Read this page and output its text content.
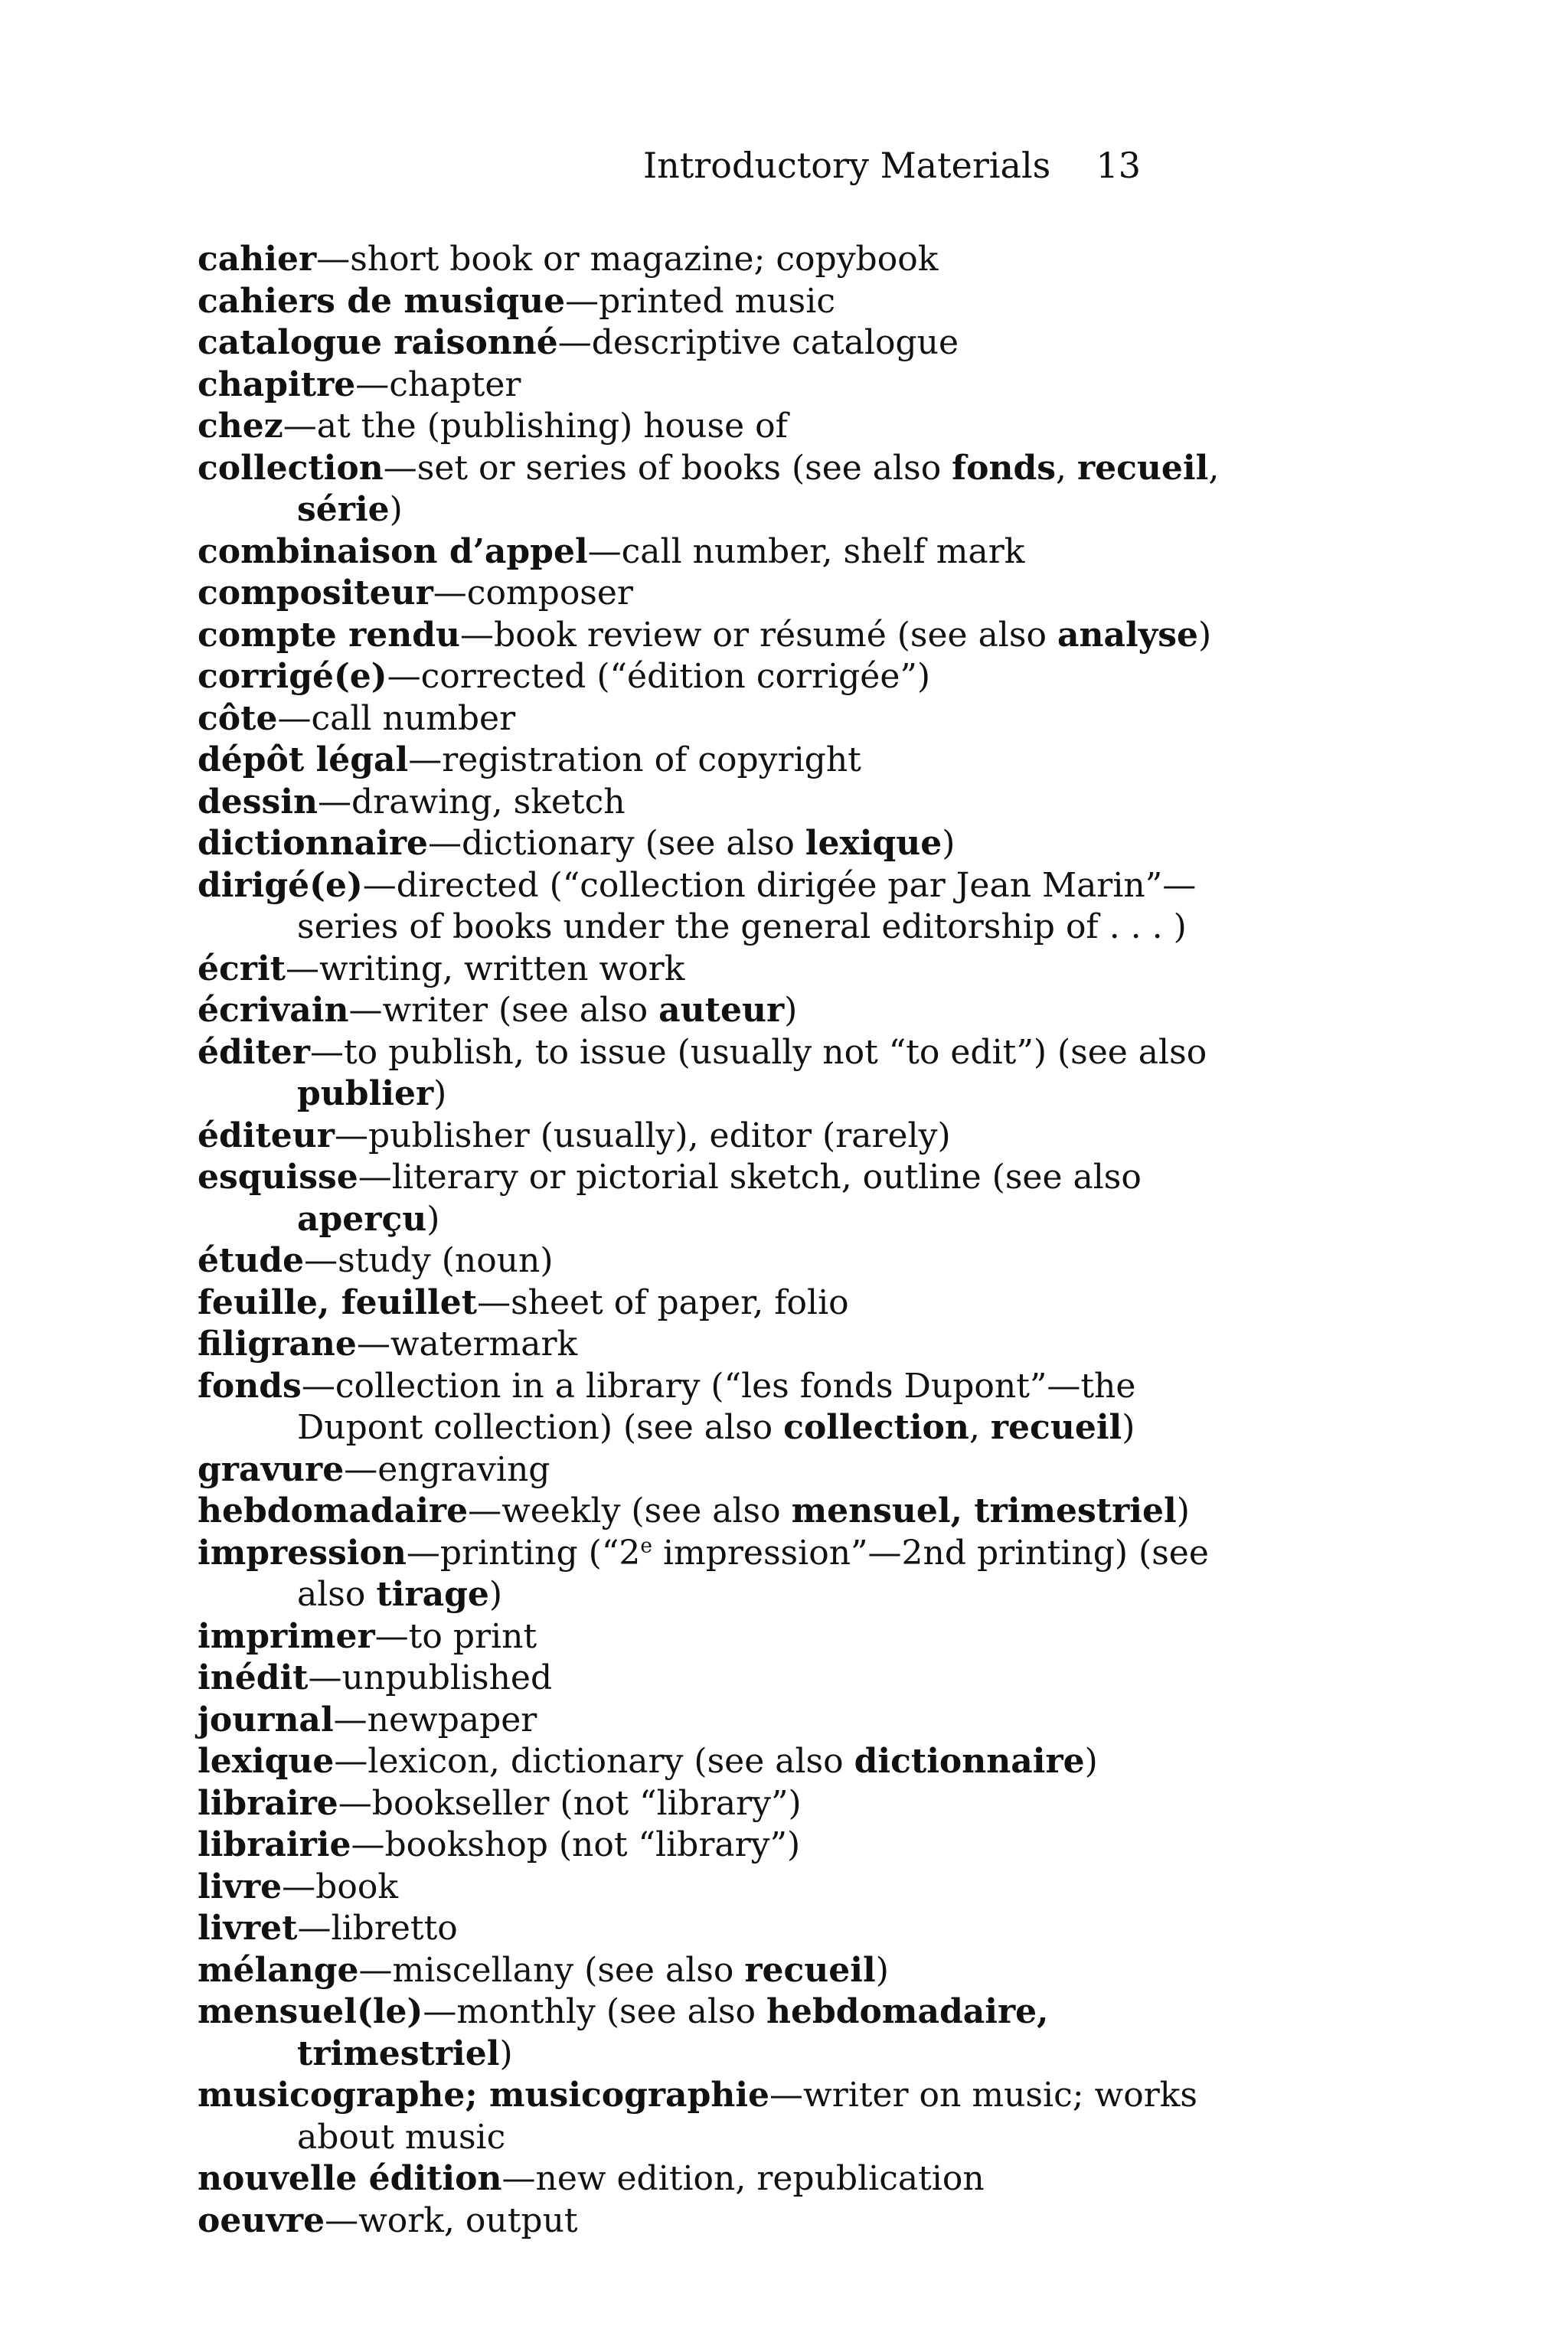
Introductory Materials 13
cahier—short book or magazine; copybook
cahiers de musique—printed music
catalogue raisonné—descriptive catalogue
chapitre—chapter
chez—at the (publishing) house of
collection—set or series of books (see also fonds, recueil, série)
combinaison d’appel—call number, shelf mark
compositeur—composer
compte rendu—book review or résumé (see also analyse)
corrigé(e)—corrected (“édition corrigée”)
côte—call number
dépôt légal—registration of copyright
dessin—drawing, sketch
dictionnaire—dictionary (see also lexique)
dirigé(e)—directed (“collection dirigée par Jean Marin”—series of books under the general editorship of . . . )
écrit—writing, written work
écrivain—writer (see also auteur)
éditer—to publish, to issue (usually not “to edit”) (see also publier)
éditeur—publisher (usually), editor (rarely)
esquisse—literary or pictorial sketch, outline (see also aperçu)
étude—study (noun)
feuille, feuillet—sheet of paper, folio
filigrane—watermark
fonds—collection in a library (“les fonds Dupont”—the Dupont collection) (see also collection, recueil)
gravure—engraving
hebdomadaire—weekly (see also mensuel, trimestriel)
impression—printing (“2e impression”—2nd printing) (see also tirage)
imprimer—to print
inédit—unpublished
journal—newpaper
lexique—lexicon, dictionary (see also dictionnaire)
libraire—bookseller (not “library”)
librairie—bookshop (not “library”)
livre—book
livret—libretto
mélange—miscellany (see also recueil)
mensuel(le)—monthly (see also hebdomadaire, trimestriel)
musicographe; musicographie—writer on music; works about music
nouvelle édition—new edition, republication
oeuvre—work, output
